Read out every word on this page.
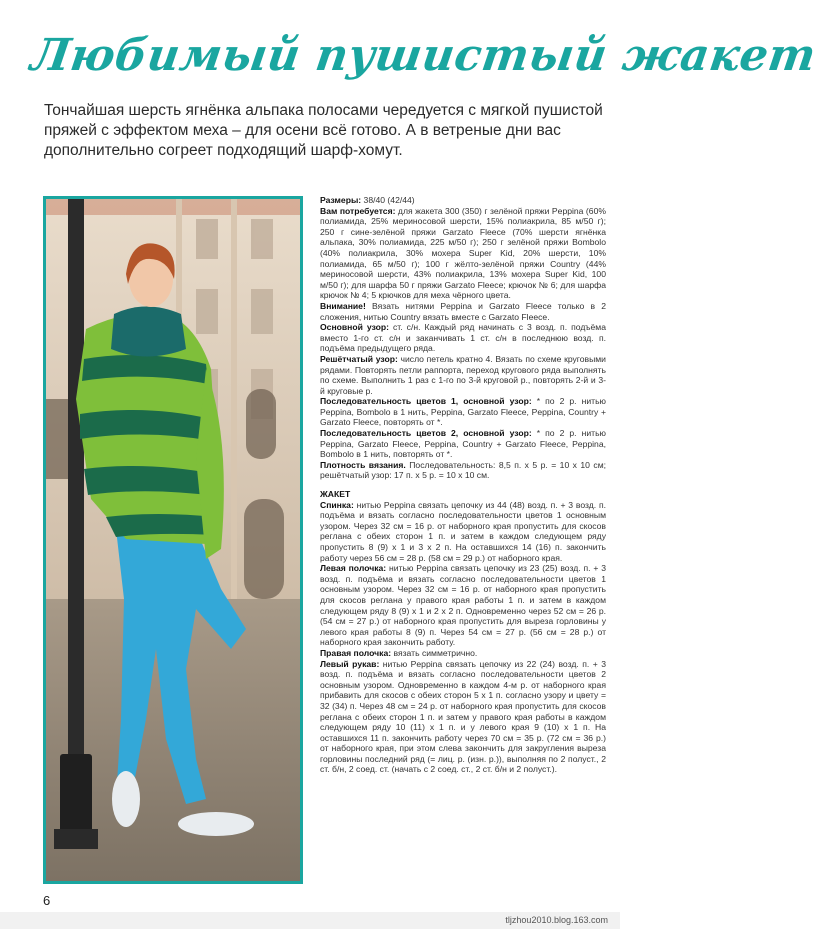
Любимый пушистый жакет
Тончайшая шерсть ягнёнка альпака полосами чередуется с мягкой пушистой пряжей с эффектом меха – для осени всё готово. А в ветреные дни вас дополнительно согреет подходящий шарф-хомут.

Размеры: 38/40 (42/44)

Вам потребуется: для жакета 300 (350) г зелёной пряжи Peppina (60% полиамида, 25% мериносовой шерсти, 15% полиакрила, 85 м/50 г); 250 г сине-зелёной пряжи Garzato Fleece (70% шерсти ягнёнка альпака, 30% полиамида, 225 м/50 г); 250 г зелёной пряжи Bombolo (40% полиакрила, 30% мохера Super Kid, 20% шерсти, 10% полиамида, 65 м/50 г); 100 г жёлто-зелёной пряжи Country (44% мериносовой шерсти, 43% полиакрила, 13% мохера Super Kid, 100 м/50 г); для шарфа 50 г пряжи Garzato Fleece; крючок № 6; для шарфа крючок № 4; 5 крючков для меха чёрного цвета.

Внимание! Вязать нитями Peppina и Garzato Fleece только в 2 сложения, нитью Country вязать вместе с Garzato Fleece.

Основной узор: ст. с/н. Каждый ряд начинать с 3 возд. п. подъёма вместо 1-го ст. с/н и заканчивать 1 ст. с/н в последнюю возд. п. подъёма предыдущего ряда.

Решётчатый узор: число петель кратно 4. Вязать по схеме круговыми рядами. Повторять петли раппорта, переход кругового ряда выполнять по схеме. Выполнить 1 раз с 1-го по 3-й круговой р., повторять 2-й и 3-й круговые р.

Последовательность цветов 1, основной узор: * по 2 р. нитью Peppina, Bombolo в 1 нить, Peppina, Garzato Fleece, Peppina, Country + Garzato Fleece, повторять от *.

Последовательность цветов 2, основной узор: * по 2 р. нитью Peppina, Garzato Fleece, Peppina, Country + Garzato Fleece, Peppina, Bombolo в 1 нить, повторять от *.

Плотность вязания. Последовательность: 8,5 п. х 5 р. = 10 х 10 см; решётчатый узор: 17 п. х 5 р. = 10 х 10 см.

ЖАКЕТ

Спинка: нитью Peppina связать цепочку из 44 (48) возд. п. + 3 возд. п. подъёма и вязать согласно последовательности цветов 1 основным узором. Через 32 см = 16 р. от наборного края пропустить для скосов реглана с обеих сторон 1 п. и затем в каждом следующем ряду пропустить 8 (9) х 1 и 3 х 2 п. На оставшихся 14 (16) п. закончить работу через 56 см = 28 р. (58 см = 29 р.) от наборного края.

Левая полочка: нитью Peppina связать цепочку из 23 (25) возд. п. + 3 возд. п. подъёма и вязать согласно последовательности цветов 1 основным узором. Через 32 см = 16 р. от наборного края пропустить для скосов реглана у правого края работы 1 п. и затем в каждом следующем ряду 8 (9) х 1 и 2 х 2 п. Одновременно через 52 см = 26 р. (54 см = 27 р.) от наборного края пропустить для выреза горловины у левого края работы 8 (9) п. Через 54 см = 27 р. (56 см = 28 р.) от наборного края закончить работу.

Правая полочка: вязать симметрично.

Левый рукав: нитью Peppina связать цепочку из 22 (24) возд. п. + 3 возд. п. подъёма и вязать согласно последовательности цветов 2 основным узором. Одновременно в каждом 4-м р. от наборного края прибавить для скосов с обеих сторон 5 х 1 п. согласно узору и цвету = 32 (34) п. Через 48 см = 24 р. от наборного края пропустить для скосов реглана с обеих сторон 1 п. и затем у правого края работы в каждом следующем ряду 10 (11) х 1 п. и у левого края 9 (10) х 1 п. На оставшихся 11 п. закончить работу через 70 см = 35 р. (72 см = 36 р.) от наборного края, при этом слева закончить для закругления выреза горловины последний ряд (= лиц. р. (изн. р.)), выполняя по 2 полуст., 2 ст. б/н, 2 соед. ст. (начать с 2 соед. ст., 2 ст. б/н и 2 полуст.).

6
tljzhou2010.blog.163.com
